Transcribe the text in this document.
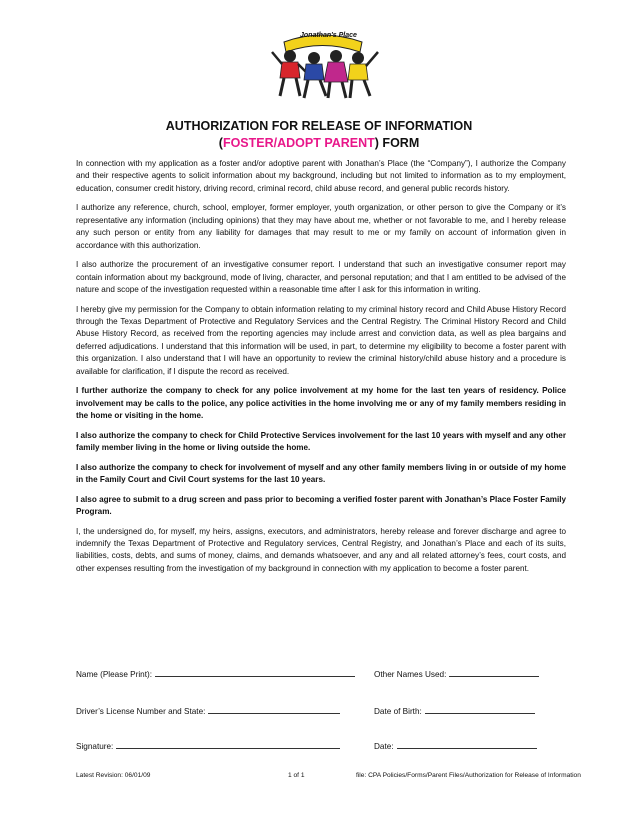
Jonathan's Place
AUTHORIZATION FOR RELEASE OF INFORMATION
(FOSTER/ADOPT PARENT) FORM

In connection with my application as a foster and/or adoptive parent with Jonathan’s Place (the “Company”), I authorize the Company and their respective agents to solicit information about my background, including but not limited to information as to my employment, education, consumer credit history, driving record, criminal record, child abuse record, and general public records history.

I authorize any reference, church, school, employer, former employer, youth organization, or other person to give the Company or it’s representative any information (including opinions) that they may have about me, whether or not favorable to me, and I hereby release any such person or entity from any liability for damages that may result to me or my family on account of information given in accordance with this authorization.

I also authorize the procurement of an investigative consumer report. I understand that such an investigative consumer report may contain information about my background, mode of living, character, and personal reputation; and that I am entitled to be advised of the nature and scope of the investigation requested within a reasonable time after I ask for this information in writing.

I hereby give my permission for the Company to obtain information relating to my criminal history record and Child Abuse History Record through the Texas Department of Protective and Regulatory Services and the Central Registry. The Criminal History Record and Child Abuse History Record, as received from the reporting agencies may include arrest and conviction data, as well as plea bargains and deferred adjudications. I understand that this information will be used, in part, to determine my eligibility to become a foster parent with this organization. I also understand that I will have an opportunity to review the criminal history/child abuse history and a procedure is available for clarification, if I dispute the record as received.

I further authorize the company to check for any police involvement at my home for the last ten years of residency. Police involvement may be calls to the police, any police activities in the home involving me or any of my family members residing in the home or visiting in the home.

I also authorize the company to check for Child Protective Services involvement for the last 10 years with myself and any other family member living in the home or living outside the home.

I also authorize the company to check for involvement of myself and any other family members living in or outside of my home in the Family Court and Civil Court systems for the last 10 years.

I also agree to submit to a drug screen and pass prior to becoming a verified foster parent with Jonathan’s Place Foster Family Program.

I, the undersigned do, for myself, my heirs, assigns, executors, and administrators, hereby release and forever discharge and agree to indemnify the Texas Department of Protective and Regulatory services, Central Registry, and Jonathan’s Place and each of its suits, liabilities, costs, debts, and sums of money, claims, and demands whatsoever, and any and all related attorney’s fees, court costs, and other expenses resulting from the investigation of my background in connection with my application to become a foster parent.

Name (Please Print):	Other Names Used:
Driver’s License Number and State:	Date of Birth:
Signature:	Date:
Latest Revision: 06/01/09	1 of 1	file: CPA Policies/Forms/Parent Files/Authorization for Release of Information
